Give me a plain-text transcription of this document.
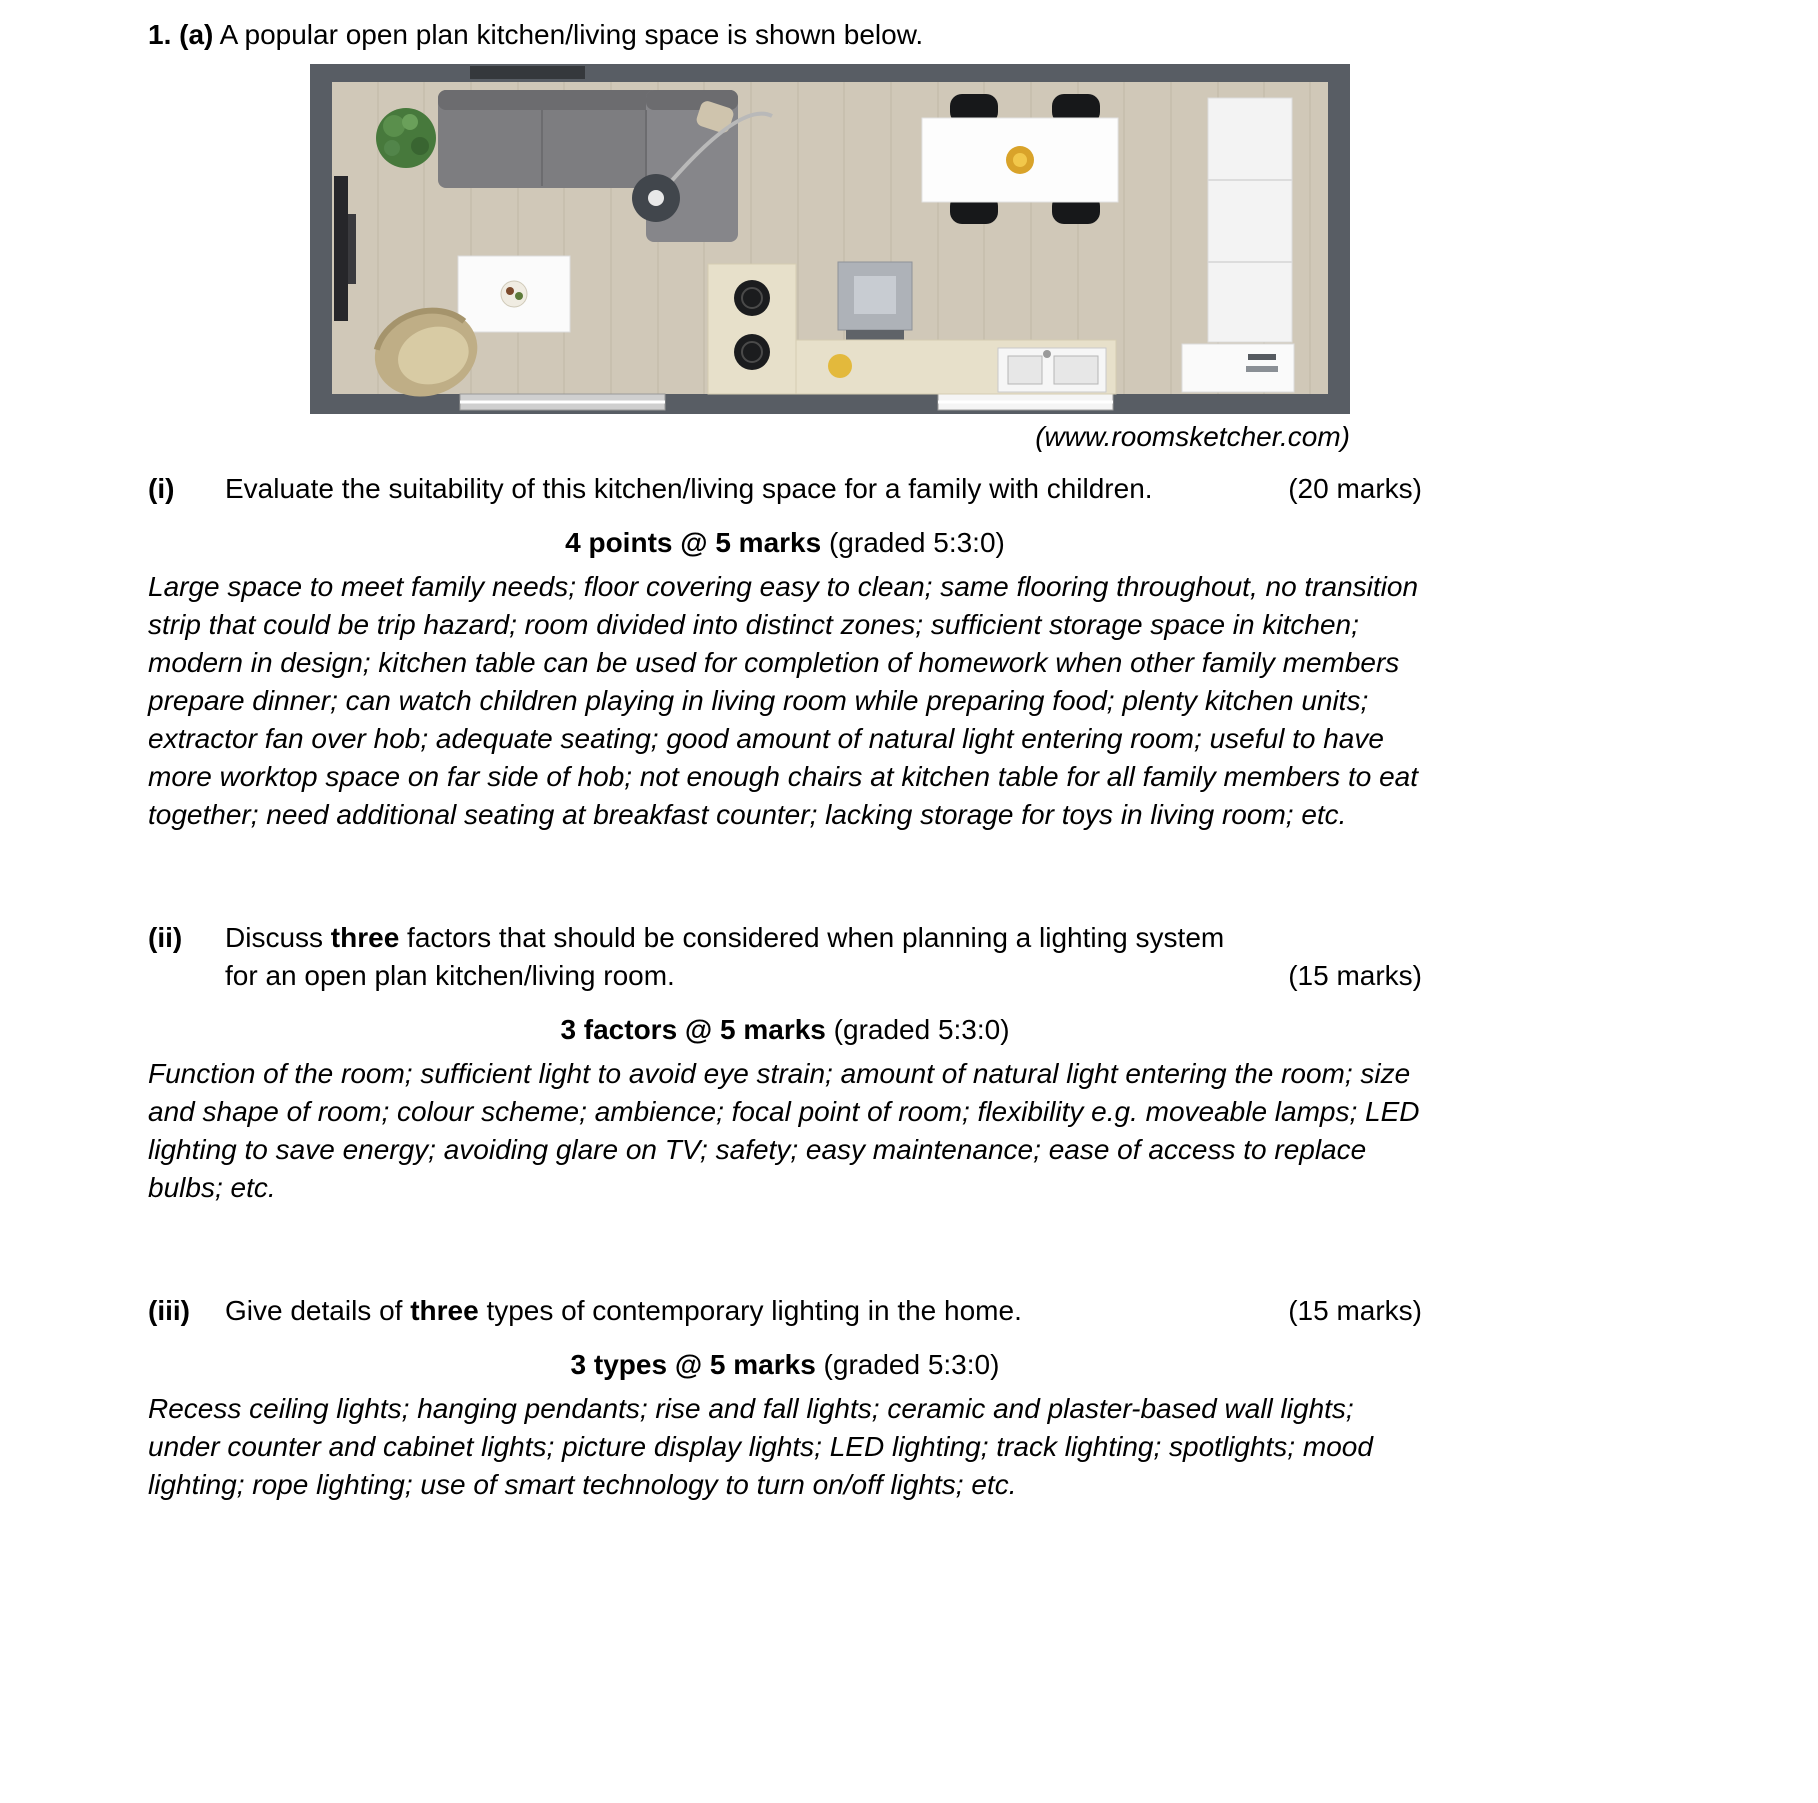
1. (a) A popular open plan kitchen/living space is shown below.

(www.roomsketcher.com)

(i)	Evaluate the suitability of this kitchen/living space for a family with children.	(20 marks)
4 points @ 5 marks (graded 5:3:0)

Large space to meet family needs; floor covering easy to clean; same flooring throughout, no transition strip that could be trip hazard; room divided into distinct zones; sufficient storage space in kitchen; modern in design; kitchen table can be used for completion of homework when other family members prepare dinner; can watch children playing in living room while preparing food; plenty kitchen units; extractor fan over hob; adequate seating; good amount of natural light entering room; useful to have more worktop space on far side of hob; not enough chairs at kitchen table for all family members to eat together; need additional seating at breakfast counter; lacking storage for toys in living room; etc.

(ii)	Discuss three factors that should be considered when planning a lighting system
for an open plan kitchen/living room.	(15 marks)
3 factors @ 5 marks (graded 5:3:0)

Function of the room; sufficient light to avoid eye strain; amount of natural light entering the room; size and shape of room; colour scheme; ambience; focal point of room; flexibility e.g. moveable lamps; LED lighting to save energy; avoiding glare on TV; safety; easy maintenance; ease of access to replace bulbs; etc.

(iii)	Give details of three types of contemporary lighting in the home.	(15 marks)
3 types @ 5 marks (graded 5:3:0)

Recess ceiling lights; hanging pendants; rise and fall lights; ceramic and plaster-based wall lights; under counter and cabinet lights; picture display lights; LED lighting; track lighting; spotlights; mood lighting; rope lighting; use of smart technology to turn on/off lights; etc.
